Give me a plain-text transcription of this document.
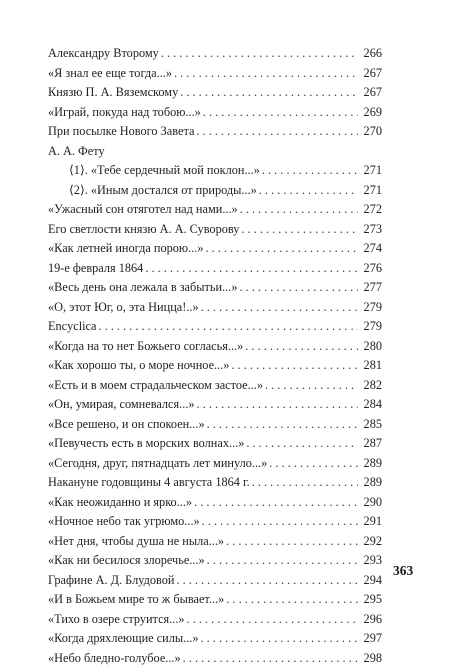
Александру Второму . . .	266
«Я знал ее еще тогда...» . . .	267
Князю П. А. Вяземскому . . .	267
«Играй, покуда над тобою...» . . .	269
При посылке Нового Завета . . .	270
А. А. Фету
⟨1⟩. «Тебе сердечный мой поклон...» . . .	271
⟨2⟩. «Иным достался от природы...» . . .	271
«Ужасный сон отяготел над нами...» . . .	272
Его светлости князю А. А. Суворову . . .	273
«Как летней иногда порою...» . . .	274
19-е февраля 1864 . . .	276
«Весь день она лежала в забытьи...» . . .	277
«О, этот Юг, о, эта Ницца!..» . . .	279
Encyclica . . .	279
«Когда на то нет Божьего согласья...» . . .	280
«Как хорошо ты, о море ночное...» . . .	281
«Есть и в моем страдальческом застое...» . . .	282
«Он, умирая, сомневался...» . . .	284
«Все решено, и он спокоен...» . . .	285
«Певучесть есть в морских волнах...» . . .	287
«Сегодня, друг, пятнадцать лет минуло...» . . .	289
Накануне годовщины 4 августа 1864 г. . . .	289
«Как неожиданно и ярко...» . . .	290
«Ночное небо так угрюмо...» . . .	291
«Нет дня, чтобы душа не ныла...» . . .	292
«Как ни бесилося злоречье...» . . .	293
Графине А. Д. Блудовой . . .	294
«И в Божьем мире то ж бывает...» . . .	295
«Тихо в озере струится...» . . .	296
«Когда дряхлеющие силы...» . . .	297
«Небо бледно-голубое...» . . .	298
363
